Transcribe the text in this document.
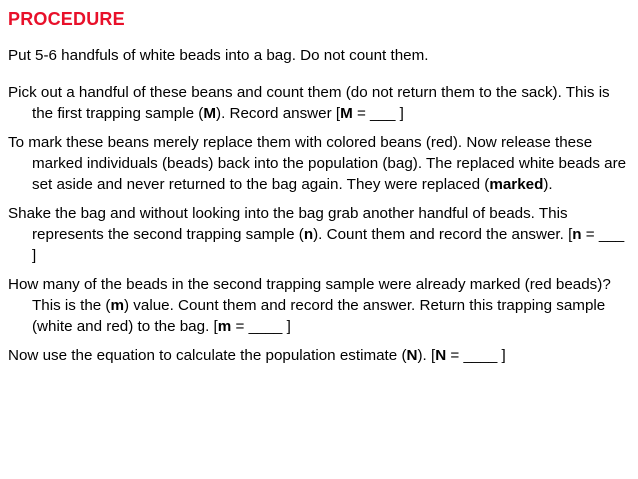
PROCEDURE

Put 5-6 handfuls of white beads into a bag. Do not count them.

Pick out a handful of these beans and count them (do not return them to the sack). This is the first trapping sample (M). Record answer [M = ___ ]

To mark these beans merely replace them with colored beans (red). Now release these marked individuals (beads) back into the population (bag). The replaced white beads are set aside and never returned to the bag again. They were replaced (marked).

Shake the bag and without looking into the bag grab another handful of beads. This represents the second trapping sample (n). Count them and record the answer. [n = ___ ]

How many of the beads in the second trapping sample were already marked (red beads)? This is the (m) value. Count them and record the answer. Return this trapping sample (white and red) to the bag. [m = ____ ]

Now use the equation to calculate the population estimate (N). [N = ____ ]
